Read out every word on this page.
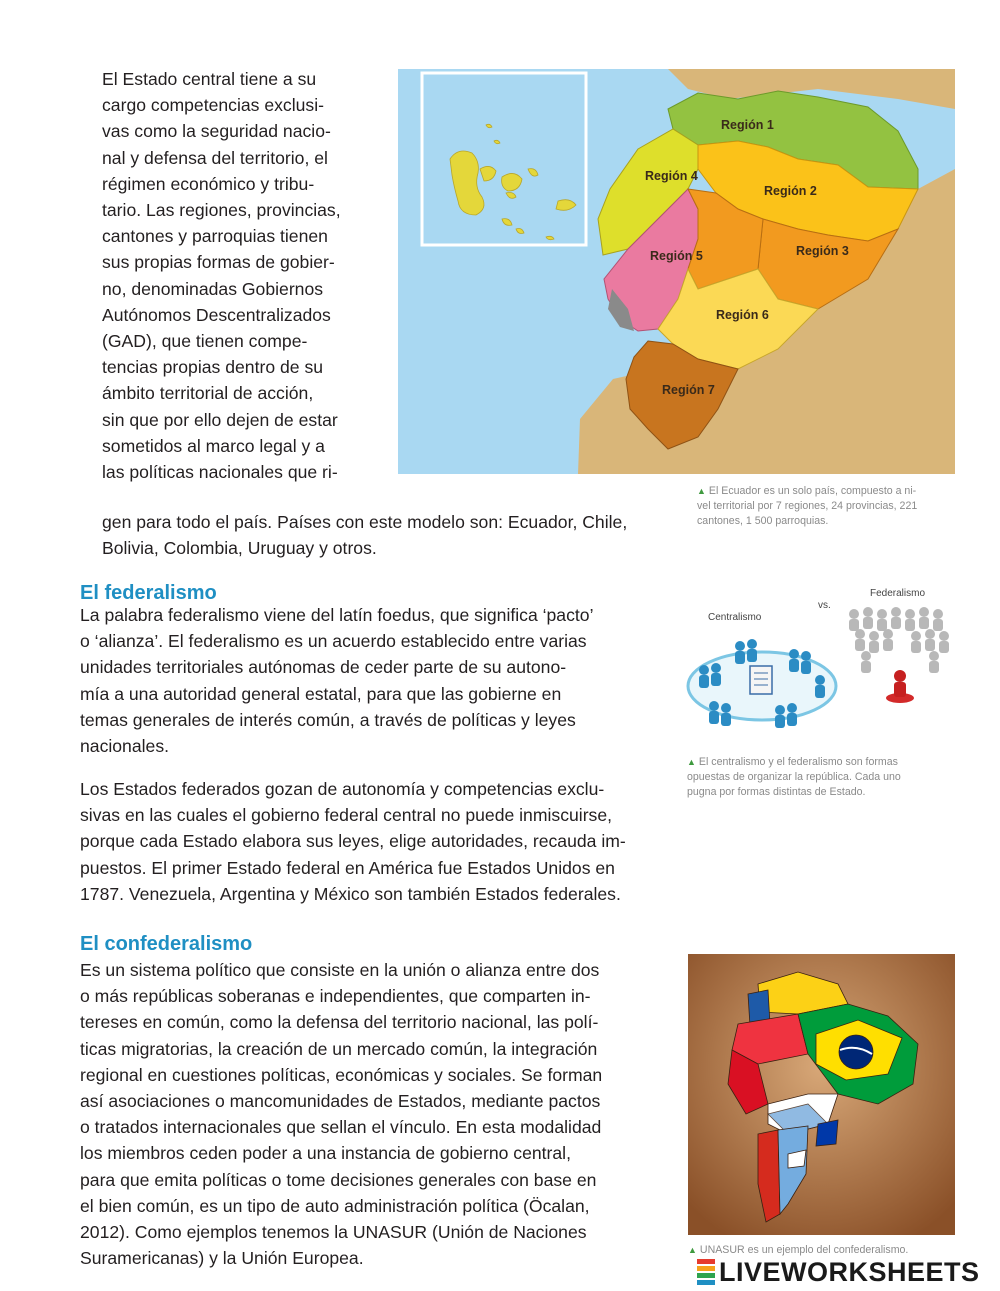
El Estado central tiene a su
cargo competencias exclusi-
vas como la seguridad nacio-
nal y defensa del territorio, el
régimen económico y tribu-
tario. Las regiones, provincias,
cantones y parroquias tienen
sus propias formas de gobier-
no, denominadas Gobiernos
Autónomos Descentralizados
(GAD), que tienen compe-
tencias propias dentro de su
ámbito territorial de acción,
sin que por ello dejen de estar
sometidos al marco legal y a
las políticas nacionales que ri-
gen para todo el país. Países con este modelo son: Ecuador, Chile,
Bolivia, Colombia, Uruguay y otros.
Región 1
Región 2
Región 3
Región 4
Región 5
Región 6
Región 7
▲ El Ecuador es un solo país, compuesto a ni-
vel territorial por 7 regiones, 24 provincias, 221
cantones, 1 500 parroquias.
El federalismo
La palabra federalismo viene del latín foedus, que significa ‘pacto’
o ‘alianza’. El federalismo es un acuerdo establecido entre varias
unidades territoriales autónomas de ceder parte de su autono-
mía a una autoridad general estatal, para que las gobierne en
temas generales de interés común, a través de políticas y leyes
nacionales.
Los Estados federados gozan de autonomía y competencias exclu-
sivas en las cuales el gobierno federal central no puede inmiscuirse,
porque cada Estado elabora sus leyes, elige autoridades, recauda im-
puestos. El primer Estado federal en América fue Estados Unidos en
1787. Venezuela, Argentina y México son también Estados federales.
Centralismo
vs.
Federalismo
▲ El centralismo y el federalismo son formas
opuestas de organizar la república. Cada uno
pugna por formas distintas de Estado.
El confederalismo
Es un sistema político que consiste en la unión o alianza entre dos
o más repúblicas soberanas e independientes, que comparten in-
tereses en común, como la defensa del territorio nacional, las polí-
ticas migratorias, la creación de un mercado común, la integración
regional en cuestiones políticas, económicas y sociales. Se forman
así asociaciones o mancomunidades de Estados, mediante pactos
o tratados internacionales que sellan el vínculo. En esta modalidad
los miembros ceden poder a una instancia de gobierno central,
para que emita políticas o tome decisiones generales con base en
el bien común, es un tipo de auto administración política (Öcalan,
2012). Como ejemplos tenemos la UNASUR (Unión de Naciones
Suramericanas) y la Unión Europea.	▲ UNASUR es un ejemplo del confederalismo.
LIVEWORKSHEETS
